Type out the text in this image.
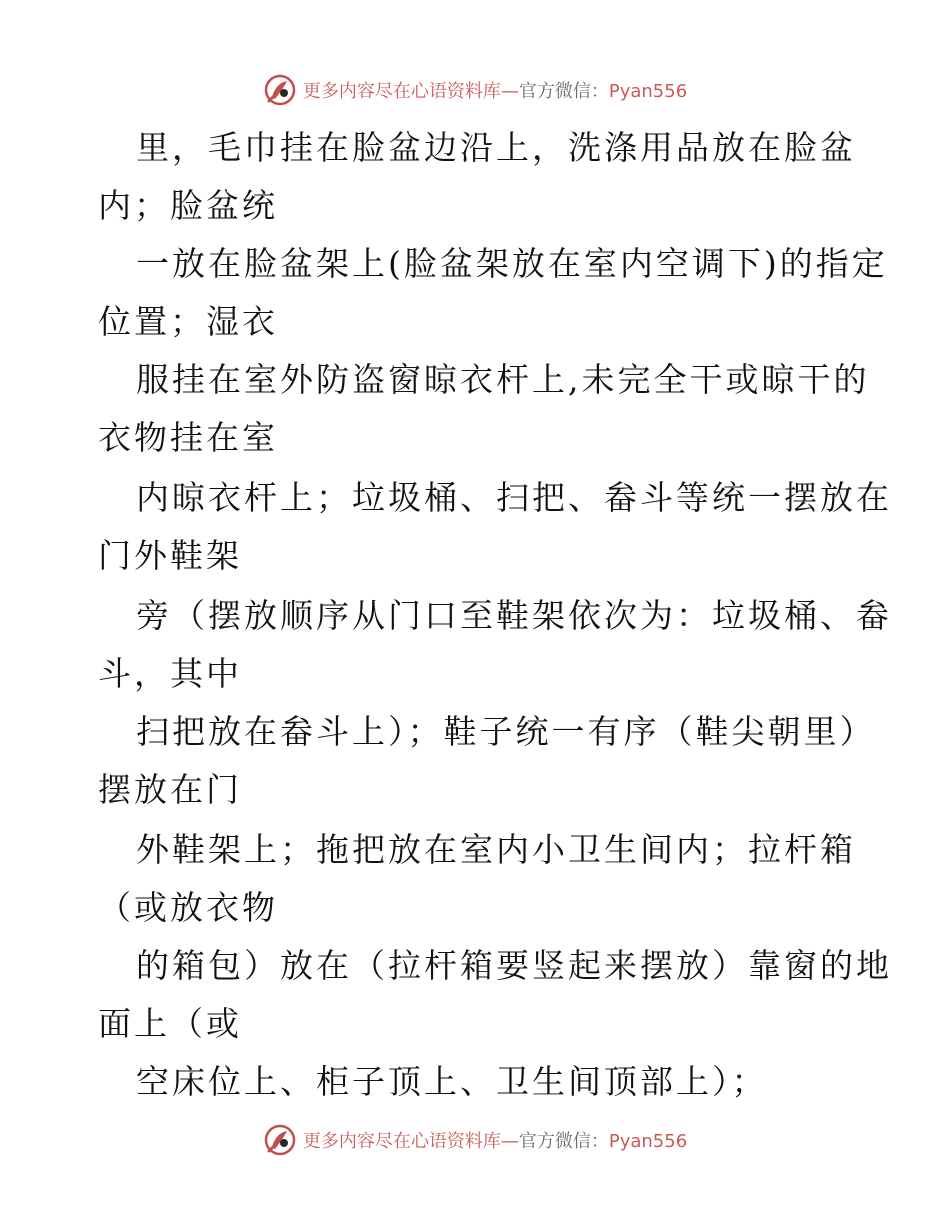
更多内容尽在心语资料库—官方微信：Pyan556
里，毛巾挂在脸盆边沿上，洗涤用品放在脸盆
内；脸盆统
一放在脸盆架上(脸盆架放在室内空调下)的指定
位置；湿衣
服挂在室外防盗窗晾衣杆上,未完全干或晾干的
衣物挂在室
内晾衣杆上；垃圾桶、扫把、畚斗等统一摆放在
门外鞋架
旁（摆放顺序从门口至鞋架依次为：垃圾桶、畚
斗，其中
扫把放在畚斗上）；鞋子统一有序（鞋尖朝里）
摆放在门
外鞋架上；拖把放在室内小卫生间内；拉杆箱
（或放衣物
的箱包）放在（拉杆箱要竖起来摆放）靠窗的地
面上（或
空床位上、柜子顶上、卫生间顶部上）；
更多内容尽在心语资料库—官方微信：Pyan556
